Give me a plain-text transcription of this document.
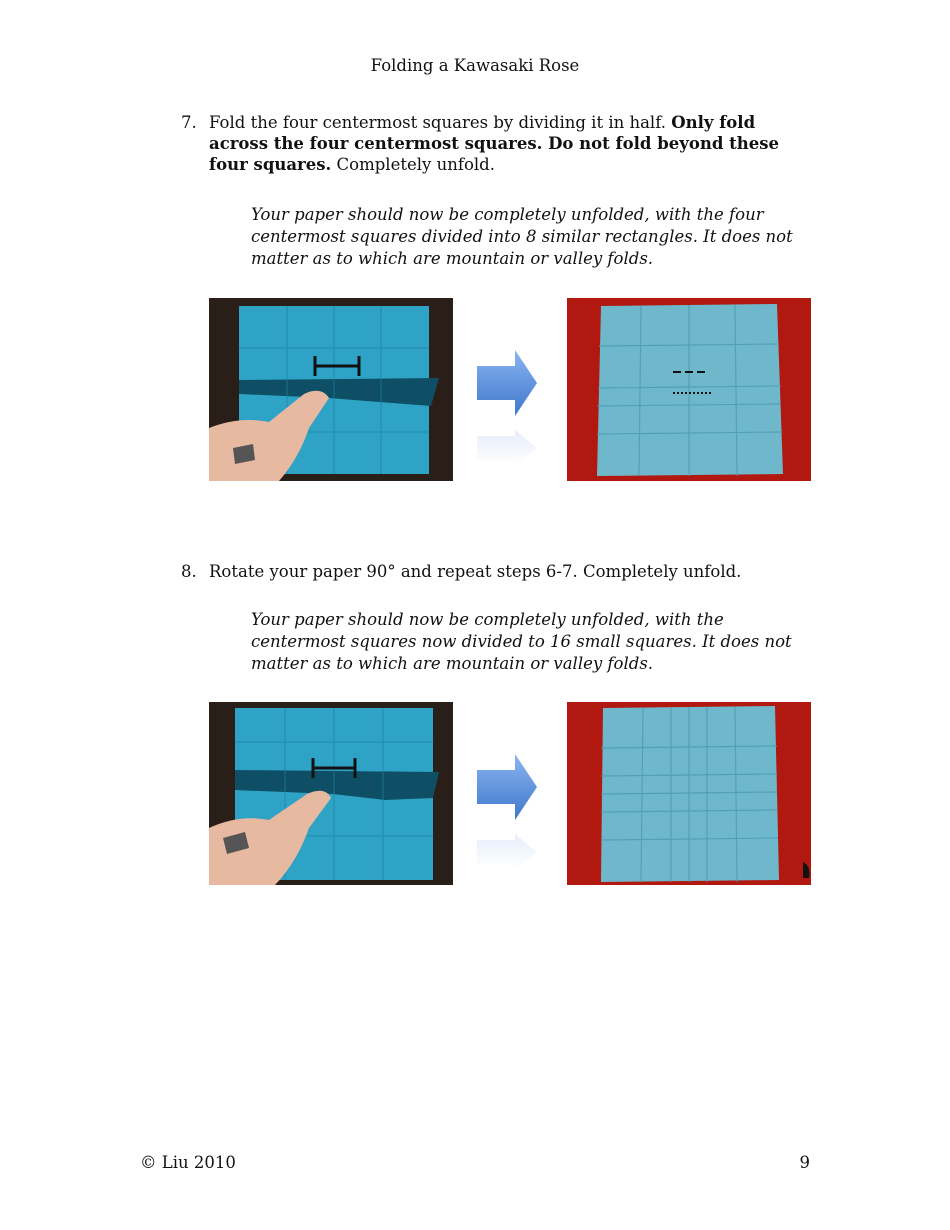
Folding a Kawasaki Rose
7. Fold the four centermost squares by dividing it in half. Only fold across the four centermost squares. Do not fold beyond these four squares. Completely unfold.
Your paper should now be completely unfolded, with the four centermost squares divided into 8 similar rectangles. It does not matter as to which are mountain or valley folds.
8. Rotate your paper 90° and repeat steps 6-7. Completely unfold.
Your paper should now be completely unfolded, with the centermost squares now divided to 16 small squares. It does not matter as to which are mountain or valley folds.
© Liu 2010	9
